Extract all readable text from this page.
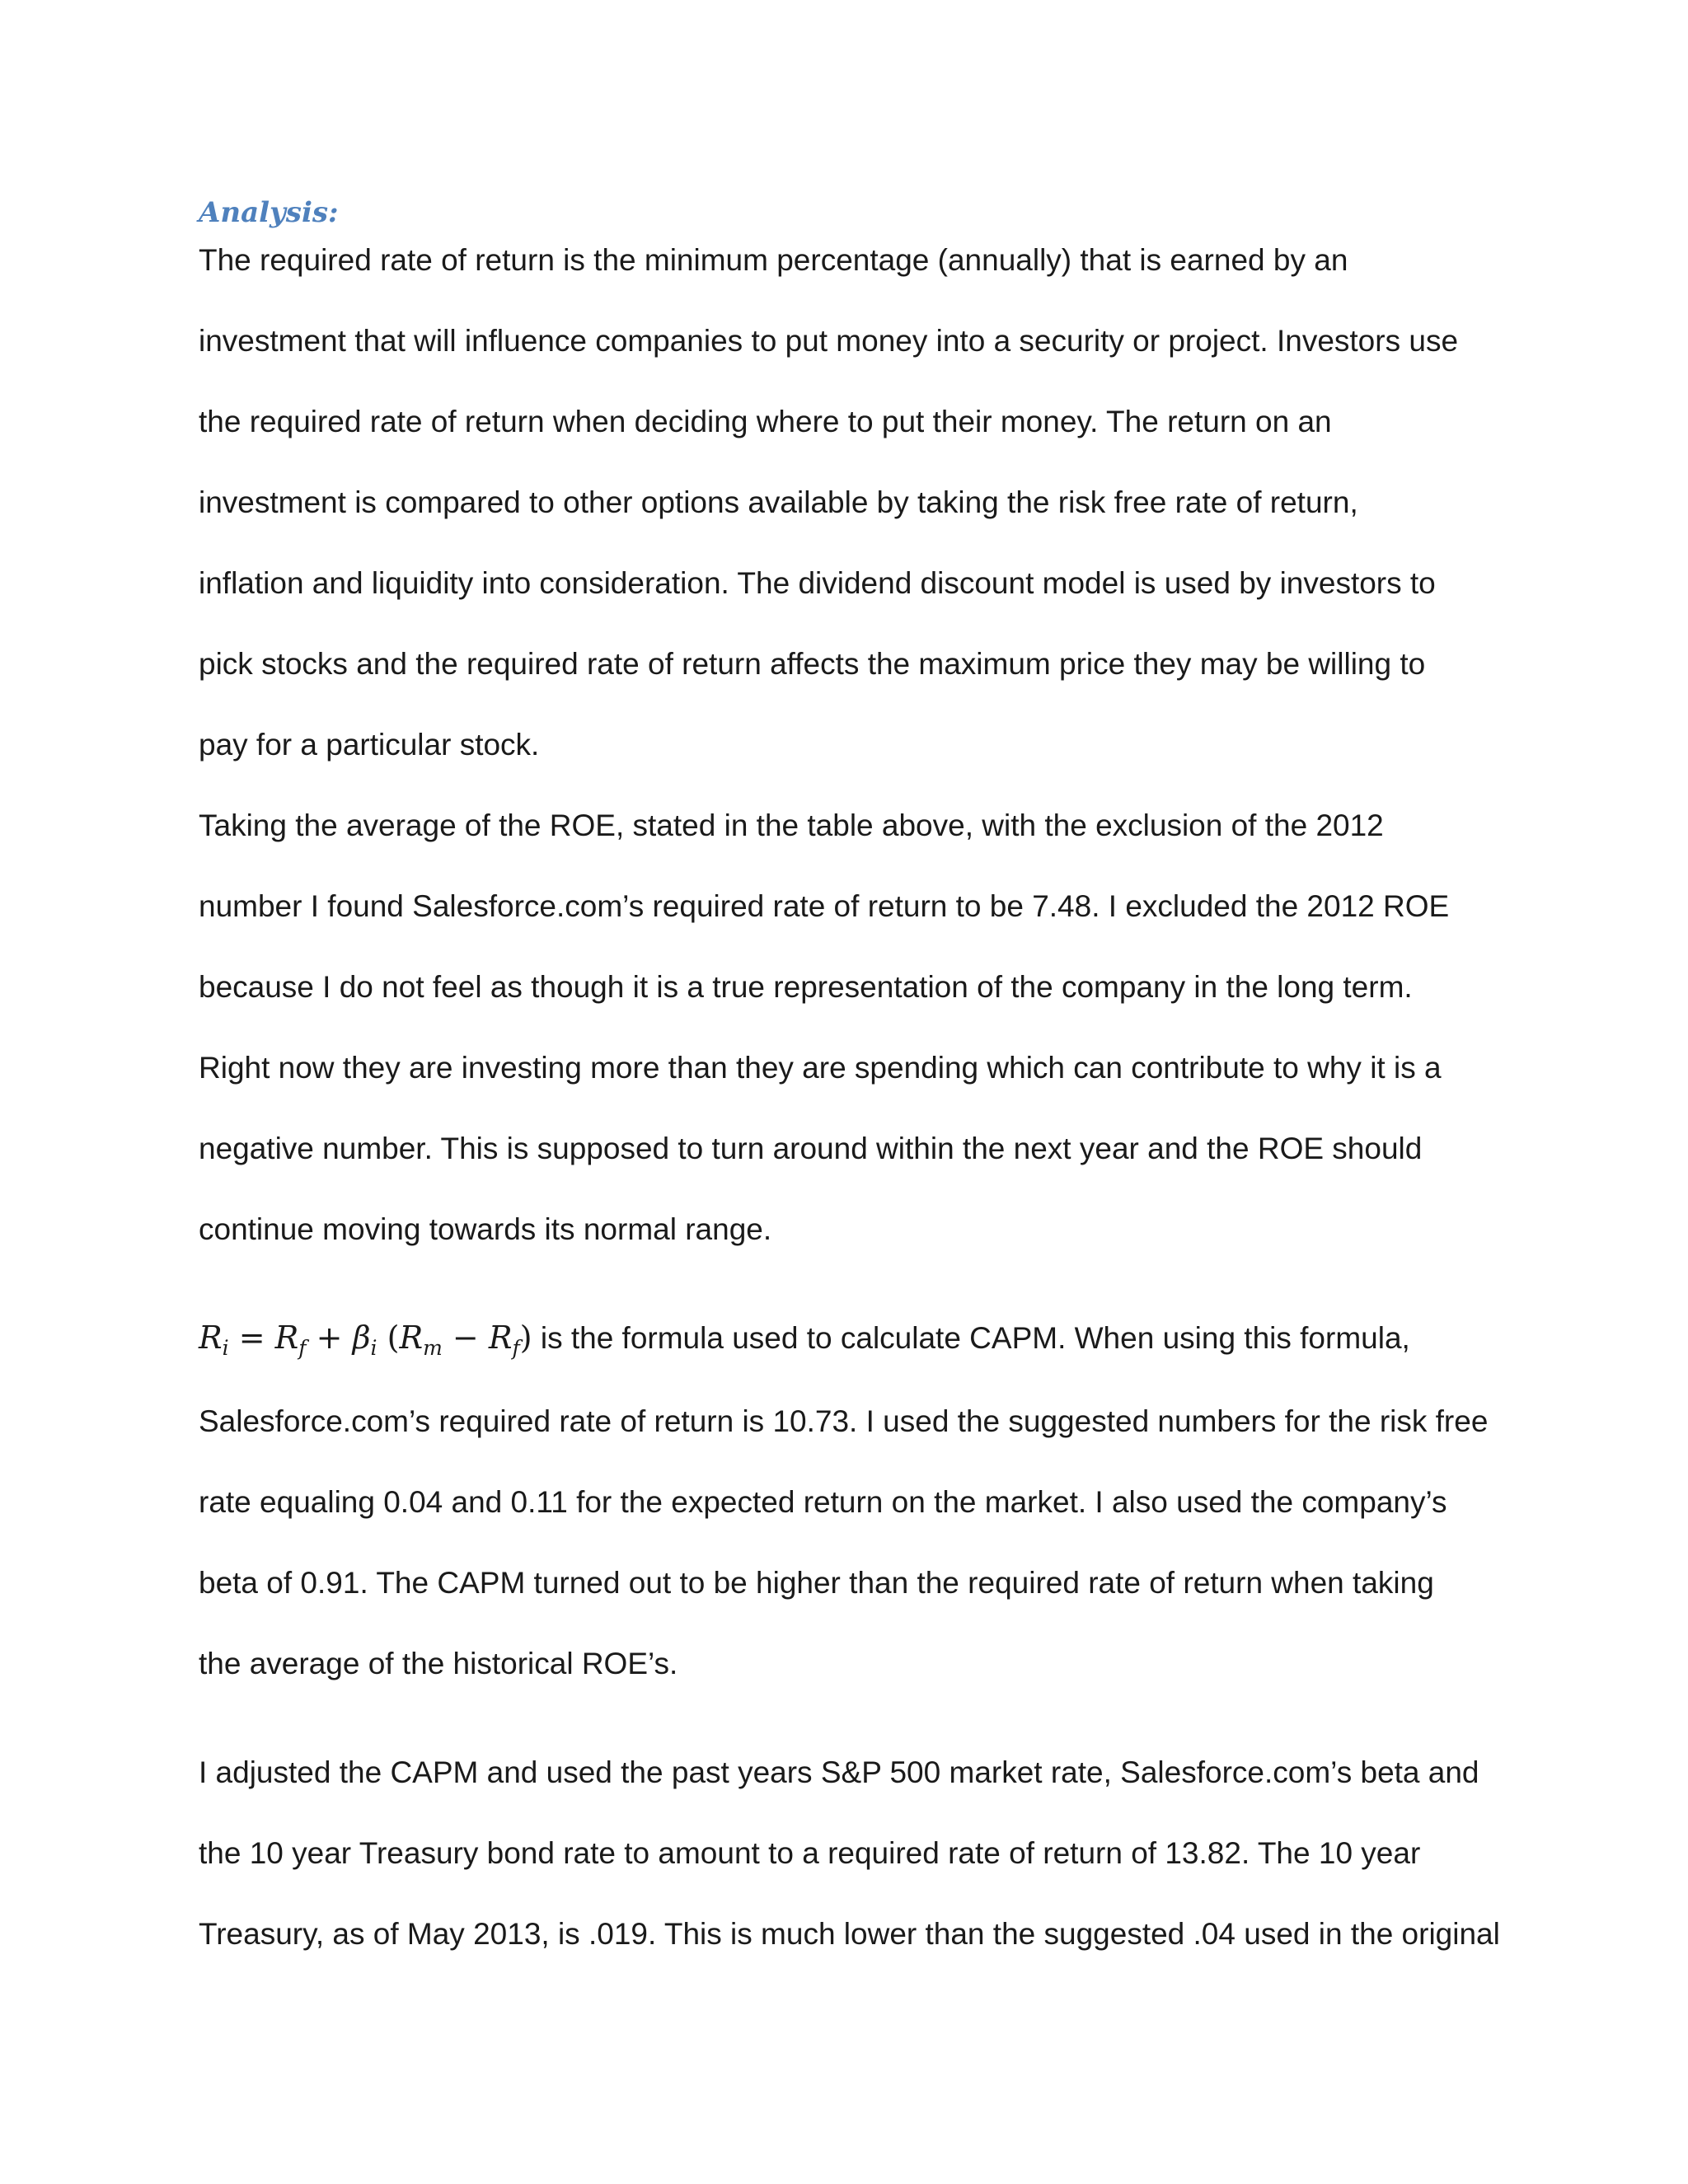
Analysis:
The required rate of return is the minimum percentage (annually) that is earned by an
investment that will influence companies to put money into a security or project. Investors use
the required rate of return when deciding where to put their money. The return on an
investment is compared to other options available by taking the risk free rate of return,
inflation and liquidity into consideration. The dividend discount model is used by investors to
pick stocks and the required rate of return affects the maximum price they may be willing to
pay for a particular stock.
Taking the average of the ROE, stated in the table above, with the exclusion of the 2012
number I found Salesforce.com’s required rate of return to be 7.48. I excluded the 2012 ROE
because I do not feel as though it is a true representation of the company in the long term.
Right now they are investing more than they are spending which can contribute to why it is a
negative number. This is supposed to turn around within the next year and the ROE should
continue moving towards its normal range.
$R_i = R_f + \beta_i$ $(R_m - R_f)$ is the formula used to calculate CAPM. When using this formula,
Salesforce.com’s required rate of return is 10.73. I used the suggested numbers for the risk free
rate equaling 0.04 and 0.11 for the expected return on the market. I also used the company’s
beta of 0.91. The CAPM turned out to be higher than the required rate of return when taking
the average of the historical ROE’s.
I adjusted the CAPM and used the past years S&P 500 market rate, Salesforce.com’s beta and
the 10 year Treasury bond rate to amount to a required rate of return of 13.82. The 10 year
Treasury, as of May 2013, is .019. This is much lower than the suggested .04 used in the original
